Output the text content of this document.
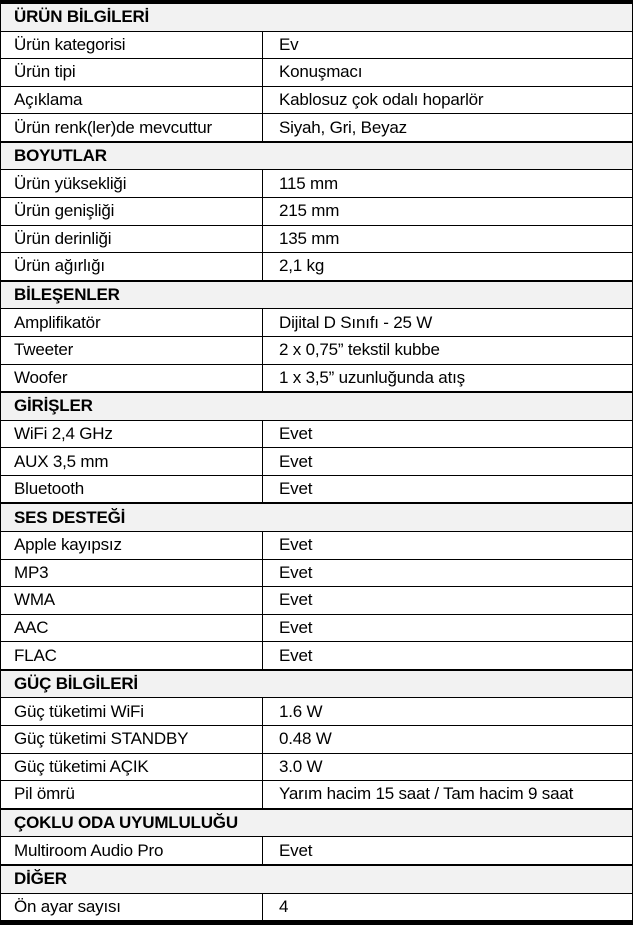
ÜRÜN BİLGİLERİ
Ürün kategorisi	Ev
Ürün tipi	Konuşmacı
Açıklama	Kablosuz çok odalı hoparlör
Ürün renk(ler)de mevcuttur	Siyah, Gri, Beyaz
BOYUTLAR
Ürün yüksekliği	115 mm
Ürün genişliği	215 mm
Ürün derinliği	135 mm
Ürün ağırlığı	2,1 kg
BİLEŞENLER
Amplifikatör	Dijital D Sınıfı - 25 W
Tweeter	2 x 0,75” tekstil kubbe
Woofer	1 x 3,5” uzunluğunda atış
GİRİŞLER
WiFi 2,4 GHz	Evet
AUX 3,5 mm	Evet
Bluetooth	Evet
SES DESTEĞİ
Apple kayıpsız	Evet
MP3	Evet
WMA	Evet
AAC	Evet
FLAC	Evet
GÜÇ BİLGİLERİ
Güç tüketimi WiFi	1.6 W
Güç tüketimi STANDBY	0.48 W
Güç tüketimi AÇIK	3.0 W
Pil ömrü	Yarım hacim 15 saat / Tam hacim 9 saat
ÇOKLU ODA UYUMLULUĞU
Multiroom Audio Pro	Evet
DİĞER
Ön ayar sayısı	4
